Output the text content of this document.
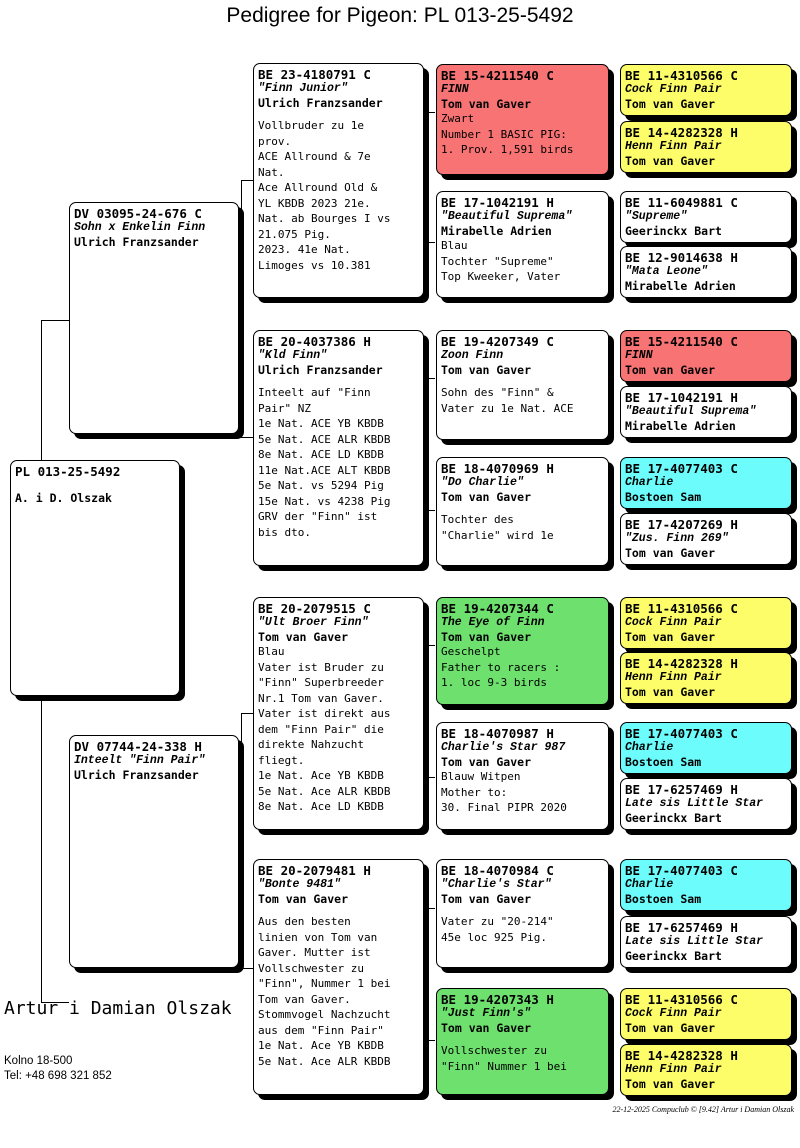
Pedigree for Pigeon: PL 013-25-5492
PL 013-25-5492
A. i D. Olszak
DV 03095-24-676 C
Sohn x Enkelin Finn
Ulrich Franzsander
DV 07744-24-338 H
Inteelt "Finn Pair"
Ulrich Franzsander
BE 23-4180791 C
"Finn Junior"
Ulrich Franzsander
Vollbruder zu 1e
prov.
ACE Allround & 7e
Nat.
Ace Allround Old &
YL KBDB 2023 21e.
Nat. ab Bourges I vs
21.075 Pig.
2023. 41e Nat.
Limoges vs 10.381
BE 20-4037386 H
"Kld Finn"
Ulrich Franzsander
Inteelt auf "Finn
Pair" NZ
1e Nat. ACE YB KBDB
5e Nat. ACE ALR KBDB
8e Nat. ACE LD KBDB
11e Nat.ACE ALT KBDB
5e Nat. vs 5294 Pig
15e Nat. vs 4238 Pig
GRV der "Finn" ist
bis dto.
BE 20-2079515 C
"Ult Broer Finn"
Tom van Gaver
Blau
Vater ist Bruder zu
"Finn" Superbreeder
Nr.1 Tom van Gaver.
Vater ist direkt aus
dem "Finn Pair" die
direkte Nahzucht
fliegt.
1e Nat. Ace YB KBDB
5e Nat. Ace ALR KBDB
8e Nat. Ace LD KBDB
BE 20-2079481 H
"Bonte 9481"
Tom van Gaver
Aus den besten
linien von Tom van
Gaver. Mutter ist
Vollschwester zu
"Finn", Nummer 1 bei
Tom van Gaver.
Stommvogel Nachzucht
aus dem "Finn Pair"
1e Nat. Ace YB KBDB
5e Nat. Ace ALR KBDB
BE 15-4211540 C
FINN
Tom van Gaver
Zwart
Number 1 BASIC PIG:
1. Prov. 1,591 birds
BE 17-1042191 H
"Beautiful Suprema"
Mirabelle Adrien
Blau
Tochter "Supreme"
Top Kweeker, Vater
BE 19-4207349 C
Zoon Finn
Tom van Gaver
Sohn des "Finn" &
Vater zu 1e Nat. ACE
BE 18-4070969 H
"Do Charlie"
Tom van Gaver
Tochter des
"Charlie" wird 1e
BE 19-4207344 C
The Eye of Finn
Tom van Gaver
Geschelpt
Father to racers :
1. loc 9-3 birds
BE 18-4070987 H
Charlie's Star 987
Tom van Gaver
Blauw Witpen
Mother to:
30. Final PIPR 2020
BE 18-4070984 C
"Charlie's Star"
Tom van Gaver
Vater zu "20-214"
45e loc 925 Pig.
BE 19-4207343 H
"Just Finn's"
Tom van Gaver
Vollschwester zu
"Finn" Nummer 1 bei
BE 11-4310566 C
Cock Finn Pair
Tom van Gaver
BE 14-4282328 H
Henn Finn Pair
Tom van Gaver
BE 11-6049881 C
"Supreme"
Geerinckx Bart
BE 12-9014638 H
"Mata Leone"
Mirabelle Adrien
BE 15-4211540 C
FINN
Tom van Gaver
BE 17-1042191 H
"Beautiful Suprema"
Mirabelle Adrien
BE 17-4077403 C
Charlie
Bostoen Sam
BE 17-4207269 H
"Zus. Finn 269"
Tom van Gaver
BE 11-4310566 C
Cock Finn Pair
Tom van Gaver
BE 14-4282328 H
Henn Finn Pair
Tom van Gaver
BE 17-4077403 C
Charlie
Bostoen Sam
BE 17-6257469 H
Late sis Little Star
Geerinckx Bart
BE 17-4077403 C
Charlie
Bostoen Sam
BE 17-6257469 H
Late sis Little Star
Geerinckx Bart
BE 11-4310566 C
Cock Finn Pair
Tom van Gaver
BE 14-4282328 H
Henn Finn Pair
Tom van Gaver
Artur i Damian Olszak
Kolno 18-500
Tel: +48 698 321 852
22-12-2025 Compuclub © [9.42] Artur i Damian Olszak
